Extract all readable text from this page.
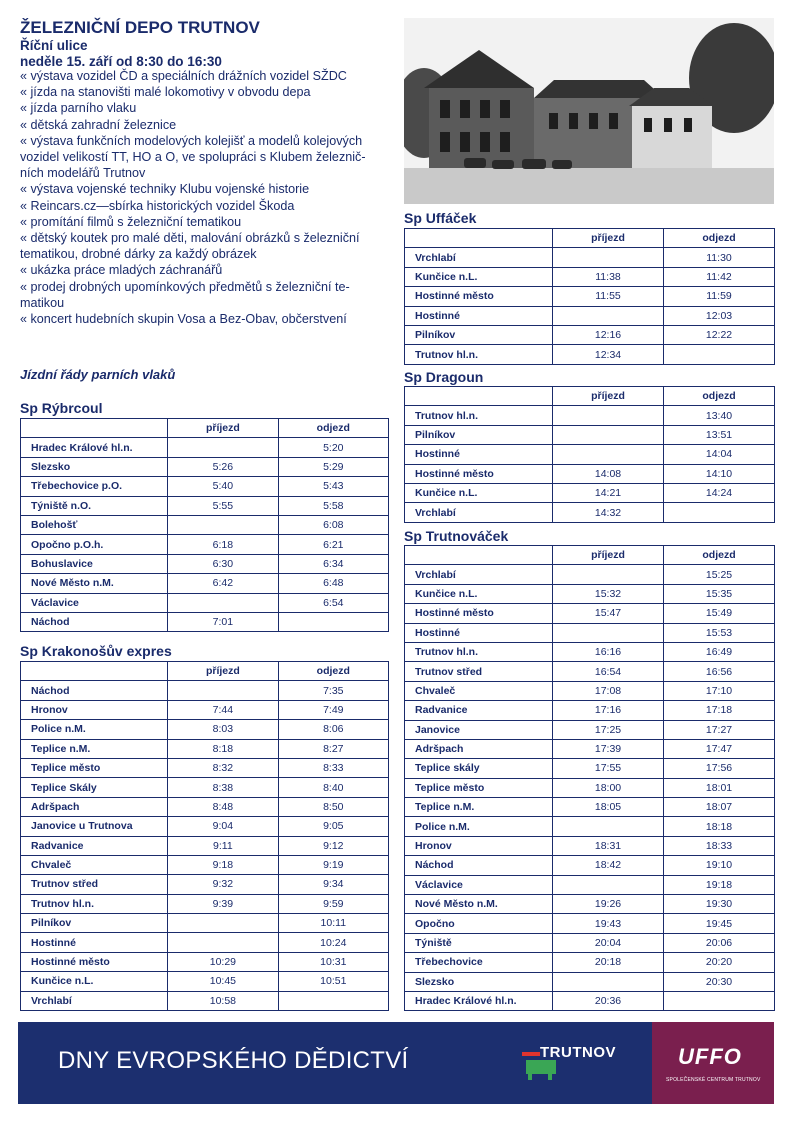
ŽELEZNIČNÍ DEPO TRUTNOV
Říční ulice
neděle 15. září od 8:30 do 16:30
« výstava vozidel ČD a speciálních drážních vozidel SŽDC
« jízda na stanovišti malé lokomotivy v obvodu depa
« jízda parního vlaku
« dětská zahradní železnice
« výstava funkčních modelových kolejišť a modelů kolejových
vozidel velikostí TT, HO a O, ve spolupráci s Klubem železnič-
ních modelářů Trutnov
« výstava vojenské techniky Klubu vojenské historie
« Reincars.cz—sbírka historických vozidel Škoda
« promítání filmů s železniční tematikou
« dětský koutek pro malé děti, malování obrázků s železniční
tematikou, drobné dárky za každý obrázek
« ukázka práce mladých záchranářů
« prodej drobných upomínkových předmětů s železniční te-
matikou
« koncert hudebních skupin Vosa a Bez-Obav, občerstvení
Jízdní řády parních vlaků
Sp Rýbrcoul
	příjezd	odjezd
Hradec Králové hl.n.		5:20
Slezsko	5:26	5:29
Třebechovice p.O.	5:40	5:43
Týniště n.O.	5:55	5:58
Bolehošť		6:08
Opočno p.O.h.	6:18	6:21
Bohuslavice	6:30	6:34
Nové Město n.M.	6:42	6:48
Václavice		6:54
Náchod	7:01	
Sp Krakonošův expres
	příjezd	odjezd
Náchod		7:35
Hronov	7:44	7:49
Police n.M.	8:03	8:06
Teplice n.M.	8:18	8:27
Teplice město	8:32	8:33
Teplice Skály	8:38	8:40
Adršpach	8:48	8:50
Janovice u Trutnova	9:04	9:05
Radvanice	9:11	9:12
Chvaleč	9:18	9:19
Trutnov střed	9:32	9:34
Trutnov hl.n.	9:39	9:59
Pilníkov		10:11
Hostinné		10:24
Hostinné město	10:29	10:31
Kunčice n.L.	10:45	10:51
Vrchlabí	10:58	
Sp Uffáček
	příjezd	odjezd
Vrchlabí		11:30
Kunčice n.L.	11:38	11:42
Hostinné město	11:55	11:59
Hostinné		12:03
Pilníkov	12:16	12:22
Trutnov hl.n.	12:34	
Sp Dragoun
	příjezd	odjezd
Trutnov hl.n.		13:40
Pilníkov		13:51
Hostinné		14:04
Hostinné město	14:08	14:10
Kunčice n.L.	14:21	14:24
Vrchlabí	14:32	
Sp Trutnováček
	příjezd	odjezd
Vrchlabí		15:25
Kunčice n.L.	15:32	15:35
Hostinné město	15:47	15:49
Hostinné		15:53
Trutnov hl.n.	16:16	16:49
Trutnov střed	16:54	16:56
Chvaleč	17:08	17:10
Radvanice	17:16	17:18
Janovice	17:25	17:27
Adršpach	17:39	17:47
Teplice skály	17:55	17:56
Teplice město	18:00	18:01
Teplice n.M.	18:05	18:07
Police n.M.		18:18
Hronov	18:31	18:33
Náchod	18:42	19:10
Václavice		19:18
Nové Město n.M.	19:26	19:30
Opočno	19:43	19:45
Týniště	20:04	20:06
Třebechovice	20:18	20:20
Slezsko		20:30
Hradec Králové hl.n.	20:36	
DNY EVROPSKÉHO DĚDICTVÍ	TRUTNOV	UFFO
SPOLEČENSKÉ CENTRUM TRUTNOV
